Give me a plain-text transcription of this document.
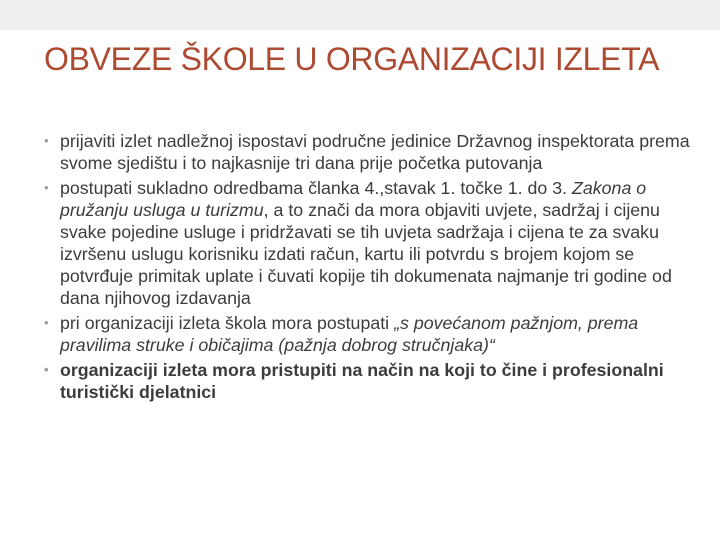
OBVEZE ŠKOLE U ORGANIZACIJI IZLETA
• prijaviti izlet nadležnoj ispostavi područne jedinice Državnog inspektorata prema svome sjedištu i to najkasnije tri dana prije početka putovanja
• postupati sukladno odredbama članka 4.,stavak 1. točke 1. do 3. Zakona o pružanju usluga u turizmu, a to znači da mora objaviti uvjete, sadržaj i cijenu svake pojedine usluge i pridržavati se tih uvjeta sadržaja i cijena te za svaku izvršenu uslugu korisniku izdati račun, kartu ili potvrdu s brojem kojom se potvrđuje primitak uplate i čuvati kopije tih dokumenata najmanje tri godine od dana njihovog izdavanja
• pri organizaciji izleta škola mora postupati „s povećanom pažnjom, prema pravilima struke i običajima (pažnja dobrog stručnjaka)“
• organizaciji izleta mora pristupiti na način na koji to čine i profesionalni turistički djelatnici
